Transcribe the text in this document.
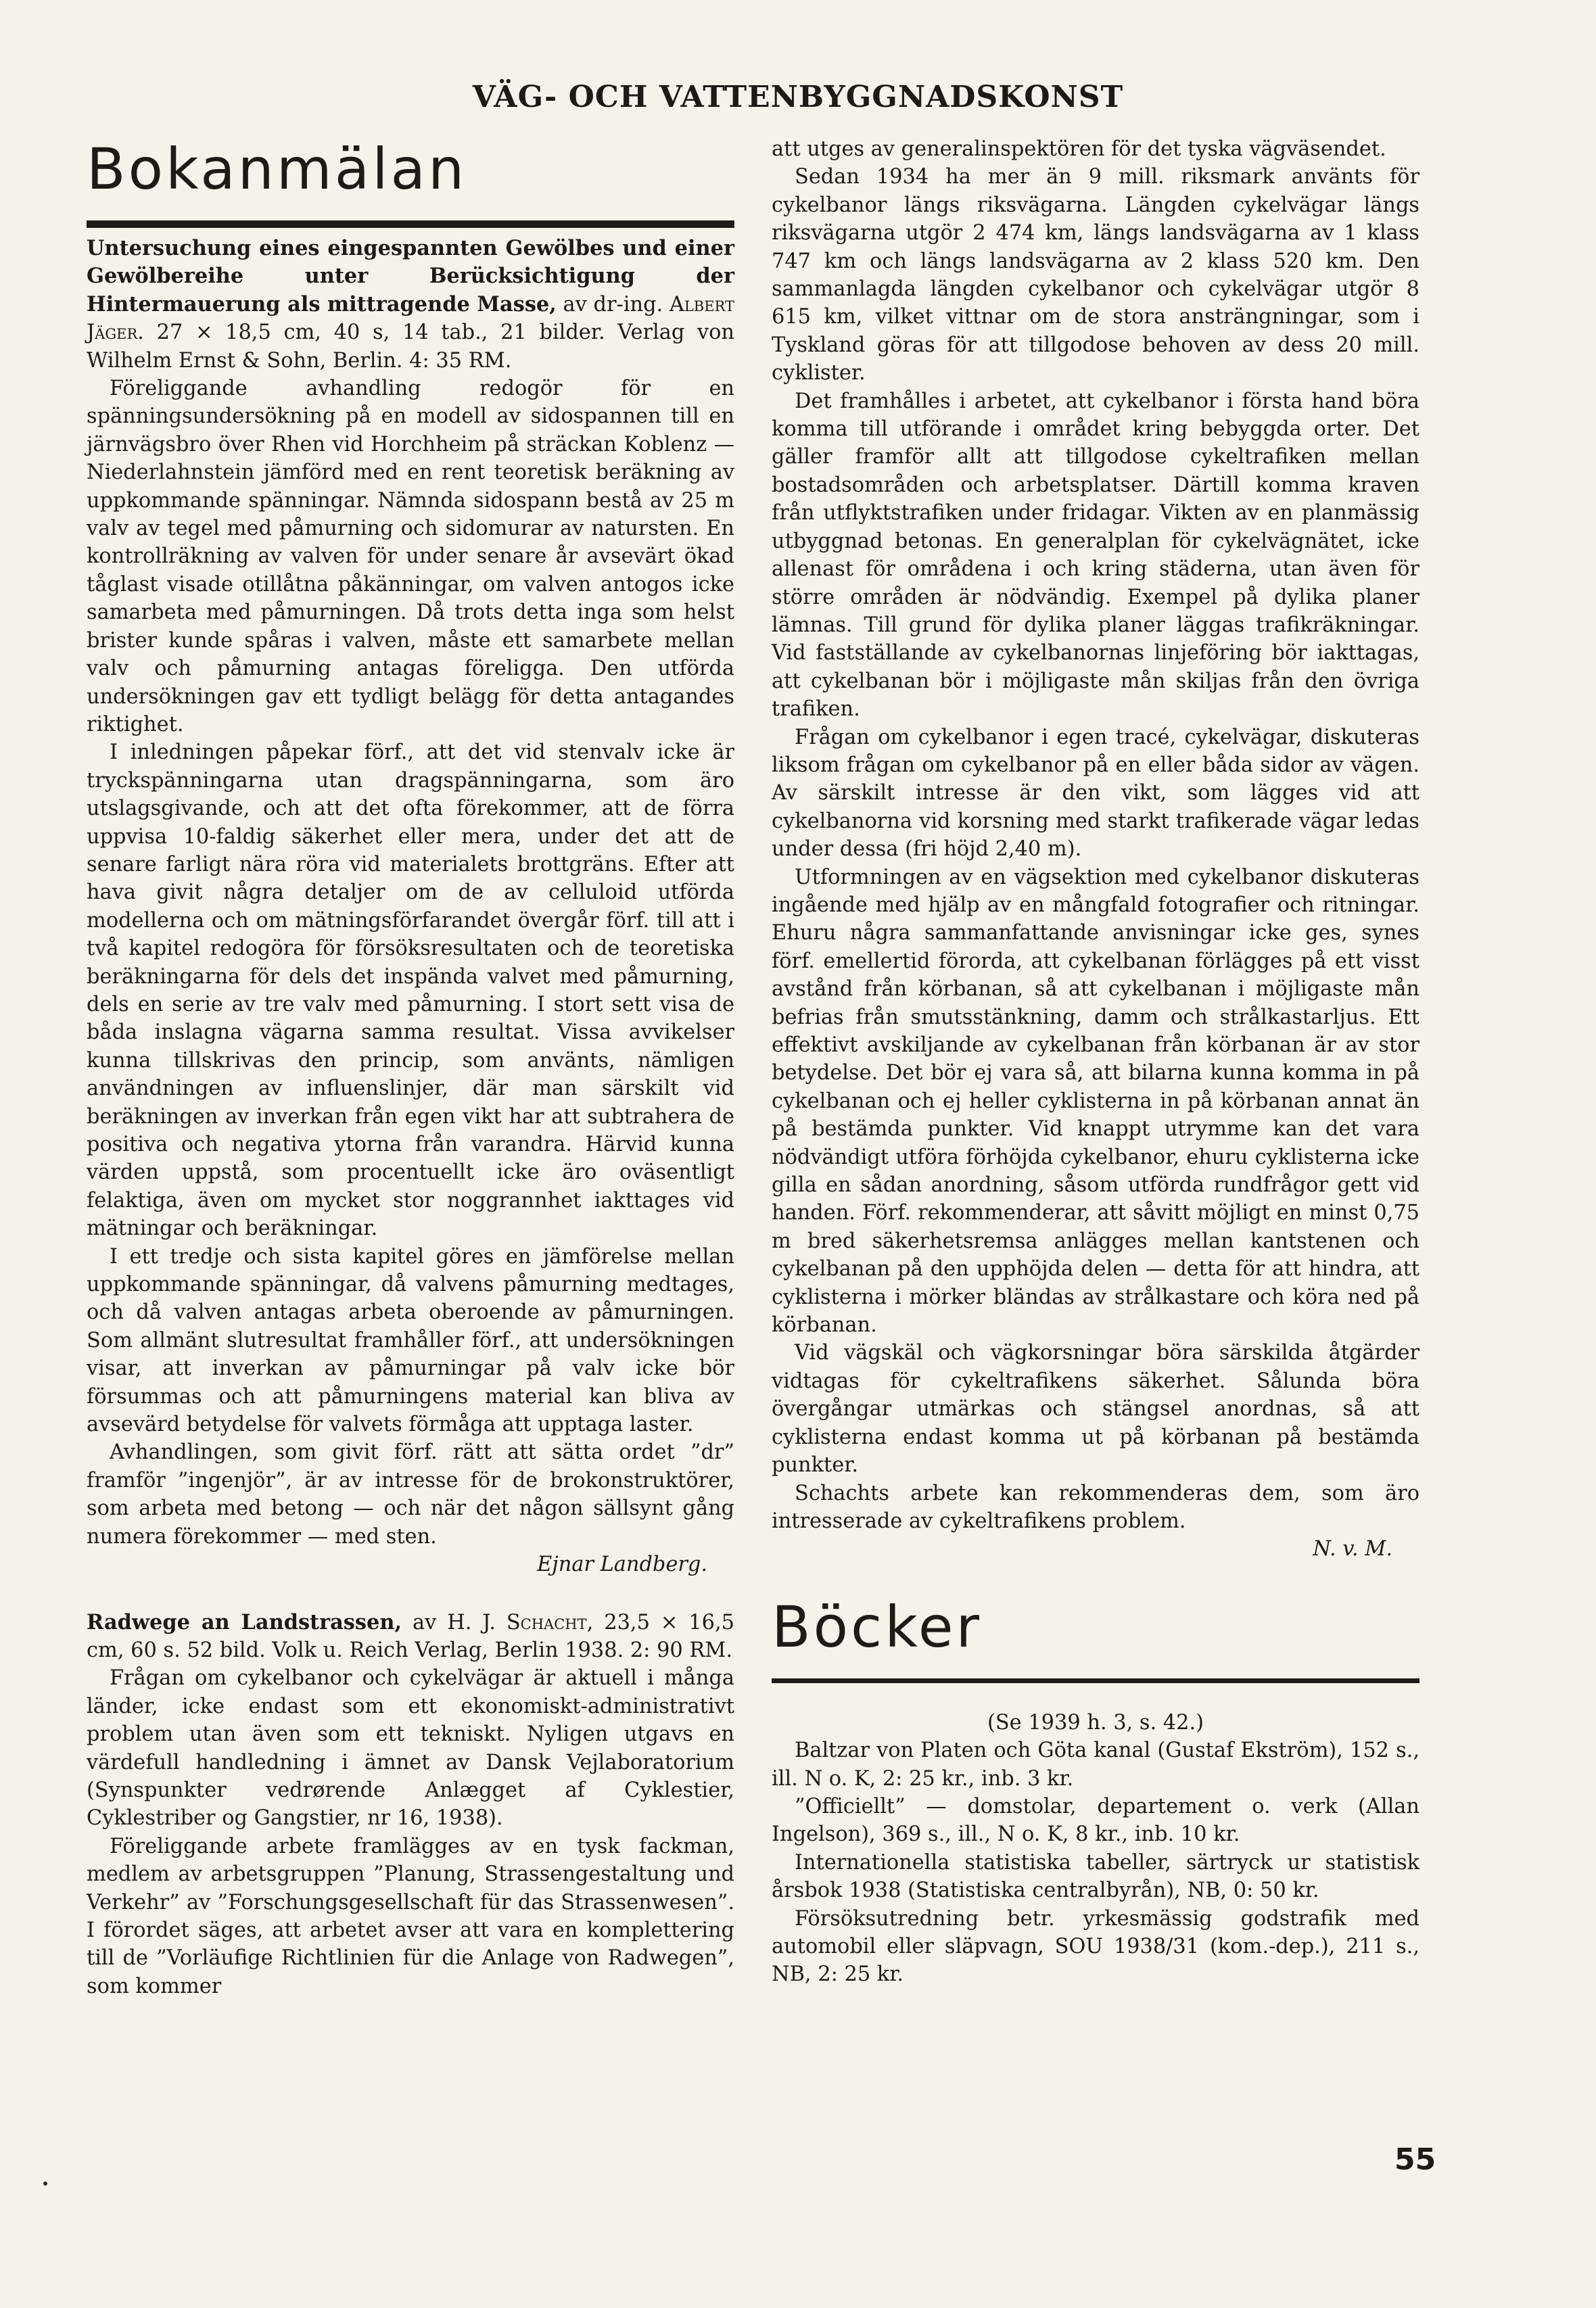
VÄG- OCH VATTENBYGGNADSKONST
Bokanmälan

Untersuchung eines eingespannten Gewölbes und einer Gewölbereihe unter Berücksichtigung der Hintermauerung als mittragende Masse, av dr-ing. Albert Jäger. 27 × 18,5 cm, 40 s, 14 tab., 21 bilder. Verlag von Wilhelm Ernst & Sohn, Berlin. 4: 35 RM.

Föreliggande avhandling redogör för en spänningsundersökning på en modell av sidospannen till en järnvägsbro över Rhen vid Horchheim på sträckan Koblenz —Niederlahnstein jämförd med en rent teoretisk beräkning av uppkommande spänningar. Nämnda sidospann bestå av 25 m valv av tegel med påmurning och sidomurar av natursten. En kontrollräkning av valven för under senare år avsevärt ökad tåglast visade otillåtna påkänningar, om valven antogos icke samarbeta med påmurningen. Då trots detta inga som helst brister kunde spåras i valven, måste ett samarbete mellan valv och påmurning antagas föreligga. Den utförda undersökningen gav ett tydligt belägg för detta antagandes riktighet.

I inledningen påpekar förf., att det vid stenvalv icke är tryckspänningarna utan dragspänningarna, som äro utslagsgivande, och att det ofta förekommer, att de förra uppvisa 10-faldig säkerhet eller mera, under det att de senare farligt nära röra vid materialets brottgräns. Efter att hava givit några detaljer om de av celluloid utförda modellerna och om mätningsförfarandet övergår förf. till att i två kapitel redogöra för försöksresultaten och de teoretiska beräkningarna för dels det inspända valvet med påmurning, dels en serie av tre valv med påmurning. I stort sett visa de båda inslagna vägarna samma resultat. Vissa avvikelser kunna tillskrivas den princip, som använts, nämligen användningen av influenslinjer, där man särskilt vid beräkningen av inverkan från egen vikt har att subtrahera de positiva och negativa ytorna från varandra. Härvid kunna värden uppstå, som procentuellt icke äro oväsentligt felaktiga, även om mycket stor noggrannhet iakttages vid mätningar och beräkningar.

I ett tredje och sista kapitel göres en jämförelse mellan uppkommande spänningar, då valvens påmurning medtages, och då valven antagas arbeta oberoende av påmurningen. Som allmänt slutresultat framhåller förf., att undersökningen visar, att inverkan av påmurningar på valv icke bör försummas och att påmurningens material kan bliva av avsevärd betydelse för valvets förmåga att upptaga laster.

Avhandlingen, som givit förf. rätt att sätta ordet ”dr” framför ”ingenjör”, är av intresse för de brokonstruktörer, som arbeta med betong — och när det någon sällsynt gång numera förekommer — med sten.

Ejnar Landberg.

Radwege an Landstrassen, av H. J. Schacht, 23,5 × 16,5 cm, 60 s. 52 bild. Volk u. Reich Verlag, Berlin 1938. 2: 90 RM.

Frågan om cykelbanor och cykelvägar är aktuell i många länder, icke endast som ett ekonomiskt-administrativt problem utan även som ett tekniskt. Nyligen utgavs en värdefull handledning i ämnet av Dansk Vejlaboratorium (Synspunkter vedrørende Anlægget af Cyklestier, Cyklestriber og Gangstier, nr 16, 1938).

Föreliggande arbete framlägges av en tysk fackman, medlem av arbetsgruppen ”Planung, Strassengestaltung und Verkehr” av ”Forschungsgesellschaft für das Strassenwesen”. I förordet säges, att arbetet avser att vara en komplettering till de ”Vorläufige Richtlinien für die Anlage von Radwegen”, som kommer

att utges av generalinspektören för det tyska vägväsendet.

Sedan 1934 ha mer än 9 mill. riksmark använts för cykelbanor längs riksvägarna. Längden cykelvägar längs riksvägarna utgör 2 474 km, längs landsvägarna av 1 klass 747 km och längs landsvägarna av 2 klass 520 km. Den sammanlagda längden cykelbanor och cykelvägar utgör 8 615 km, vilket vittnar om de stora ansträngningar, som i Tyskland göras för att tillgodose behoven av dess 20 mill. cyklister.

Det framhålles i arbetet, att cykelbanor i första hand böra komma till utförande i området kring bebyggda orter. Det gäller framför allt att tillgodose cykeltrafiken mellan bostadsområden och arbetsplatser. Därtill komma kraven från utflyktstrafiken under fridagar. Vikten av en planmässig utbyggnad betonas. En generalplan för cykelvägnätet, icke allenast för områdena i och kring städerna, utan även för större områden är nödvändig. Exempel på dylika planer lämnas. Till grund för dylika planer läggas trafikräkningar. Vid fastställande av cykelbanornas linjeföring bör iakttagas, att cykelbanan bör i möjligaste mån skiljas från den övriga trafiken.

Frågan om cykelbanor i egen tracé, cykelvägar, diskuteras liksom frågan om cykelbanor på en eller båda sidor av vägen. Av särskilt intresse är den vikt, som lägges vid att cykelbanorna vid korsning med starkt trafikerade vägar ledas under dessa (fri höjd 2,40 m).

Utformningen av en vägsektion med cykelbanor diskuteras ingående med hjälp av en mångfald fotografier och ritningar. Ehuru några sammanfattande anvisningar icke ges, synes förf. emellertid förorda, att cykelbanan förlägges på ett visst avstånd från körbanan, så att cykelbanan i möjligaste mån befrias från smutsstänkning, damm och strålkastarljus. Ett effektivt avskiljande av cykelbanan från körbanan är av stor betydelse. Det bör ej vara så, att bilarna kunna komma in på cykelbanan och ej heller cyklisterna in på körbanan annat än på bestämda punkter. Vid knappt utrymme kan det vara nödvändigt utföra förhöjda cykelbanor, ehuru cyklisterna icke gilla en sådan anordning, såsom utförda rundfrågor gett vid handen. Förf. rekommenderar, att såvitt möjligt en minst 0,75 m bred säkerhetsremsa anlägges mellan kantstenen och cykelbanan på den upphöjda delen — detta för att hindra, att cyklisterna i mörker bländas av strålkastare och köra ned på körbanan.

Vid vägskäl och vägkorsningar böra särskilda åtgärder vidtagas för cykeltrafikens säkerhet. Sålunda böra övergångar utmärkas och stängsel anordnas, så att cyklisterna endast komma ut på körbanan på bestämda punkter.

Schachts arbete kan rekommenderas dem, som äro intresserade av cykeltrafikens problem.

N. v. M.

Böcker

(Se 1939 h. 3, s. 42.)

Baltzar von Platen och Göta kanal (Gustaf Ekström), 152 s., ill. N o. K, 2: 25 kr., inb. 3 kr.

”Officiellt” — domstolar, departement o. verk (Allan Ingelson), 369 s., ill., N o. K, 8 kr., inb. 10 kr.

Internationella statistiska tabeller, särtryck ur statistisk årsbok 1938 (Statistiska centralbyrån), NB, 0: 50 kr.

Försöksutredning betr. yrkesmässig godstrafik med automobil eller släpvagn, SOU 1938/31 (kom.-dep.), 211 s., NB, 2: 25 kr.

55
